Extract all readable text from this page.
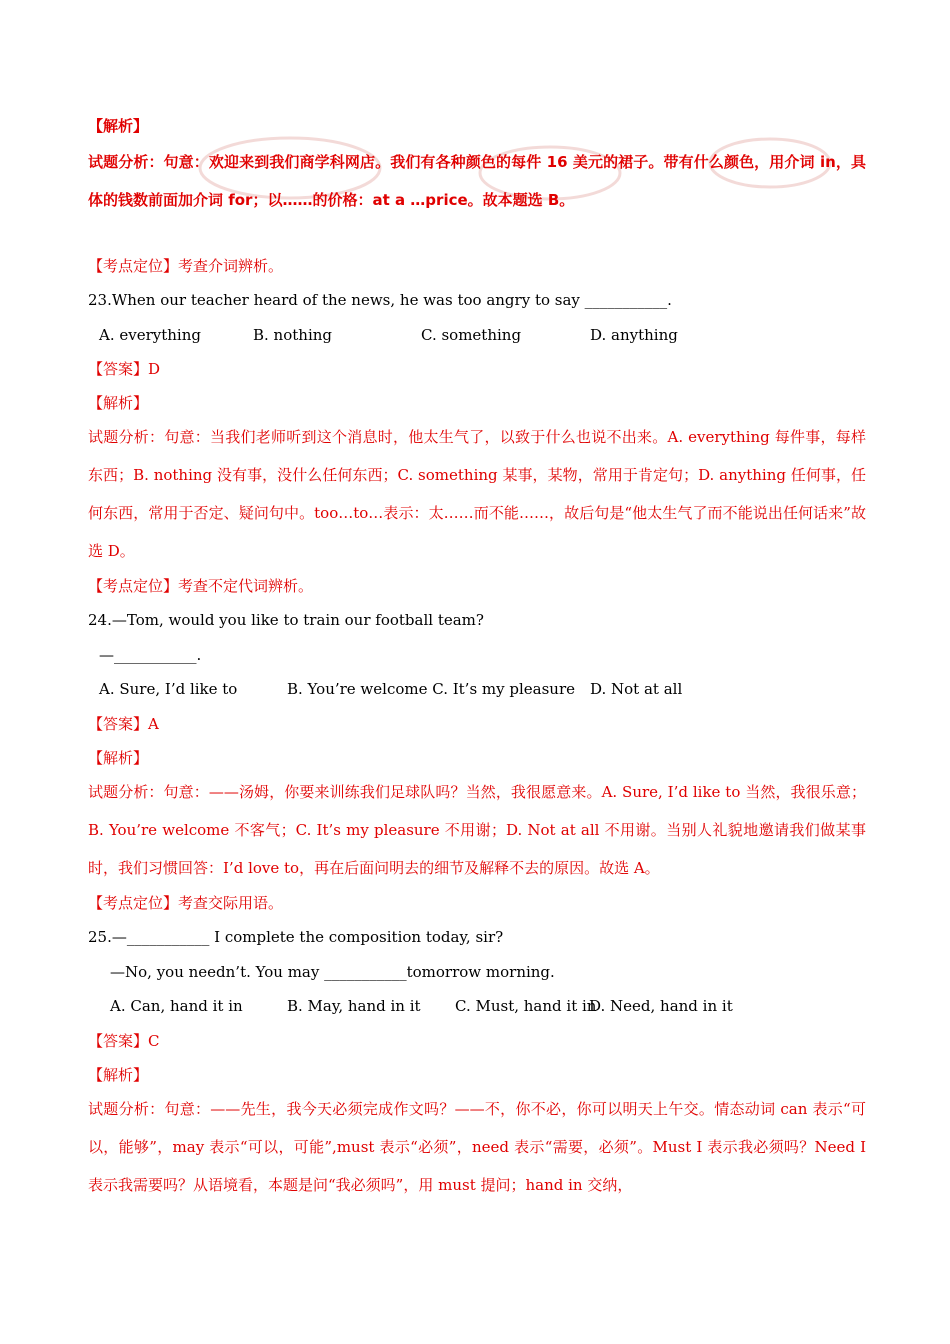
【解析】
试题分析：句意：欢迎来到我们商学科网店。我们有各种颜色的每件 16 美元的裙子。带有什么颜色，用介词 in，具体的钱数前面加介词 for；以……的价格：at a …price。故本题选 B。
【考点定位】考查介词辨析。
23.When our teacher heard of the news, he was too angry to say ___________.
A. everything	B. nothing	C. something	D. anything
【答案】D
【解析】
试题分析：句意：当我们老师听到这个消息时，他太生气了，以致于什么也说不出来。A. everything 每件事，每样东西；B. nothing 没有事，没什么任何东西；C. something 某事，某物，常用于肯定句；D. anything 任何事，任何东西，常用于否定、疑问句中。too…to…表示：太……而不能……，故后句是“他太生气了而不能说出任何话来”故选 D。
【考点定位】考查不定代词辨析。
24.—Tom, would you like to train our football team?
—___________.
A. Sure, I’d like to	B. You’re welcome C. It’s my pleasure D. Not at all
【答案】A
【解析】
试题分析：句意：——汤姆，你要来训练我们足球队吗？当然，我很愿意来。A. Sure, I’d like to 当然，我很乐意；B. You’re welcome 不客气；C. It’s my pleasure 不用谢；D. Not at all 不用谢。当别人礼貌地邀请我们做某事时，我们习惯回答：I’d love to，再在后面问明去的细节及解释不去的原因。故选 A。
【考点定位】考查交际用语。
25.—___________ I complete the composition today, sir?
—No, you needn’t. You may ___________tomorrow morning.
A. Can, hand it in	B. May, hand in it C. Must, hand it in
D. Need, hand in it
【答案】C
【解析】
试题分析：句意：——先生，我今天必须完成作文吗？——不，你不必，你可以明天上午交。情态动词 can 表示“可以，能够”，may 表示“可以，可能”,must 表示“必须”，need 表示“需要，必须”。Must I 表示我必须吗？Need I 表示我需要吗？从语境看，本题是问“我必须吗”，用 must 提问；hand in 交纳，
